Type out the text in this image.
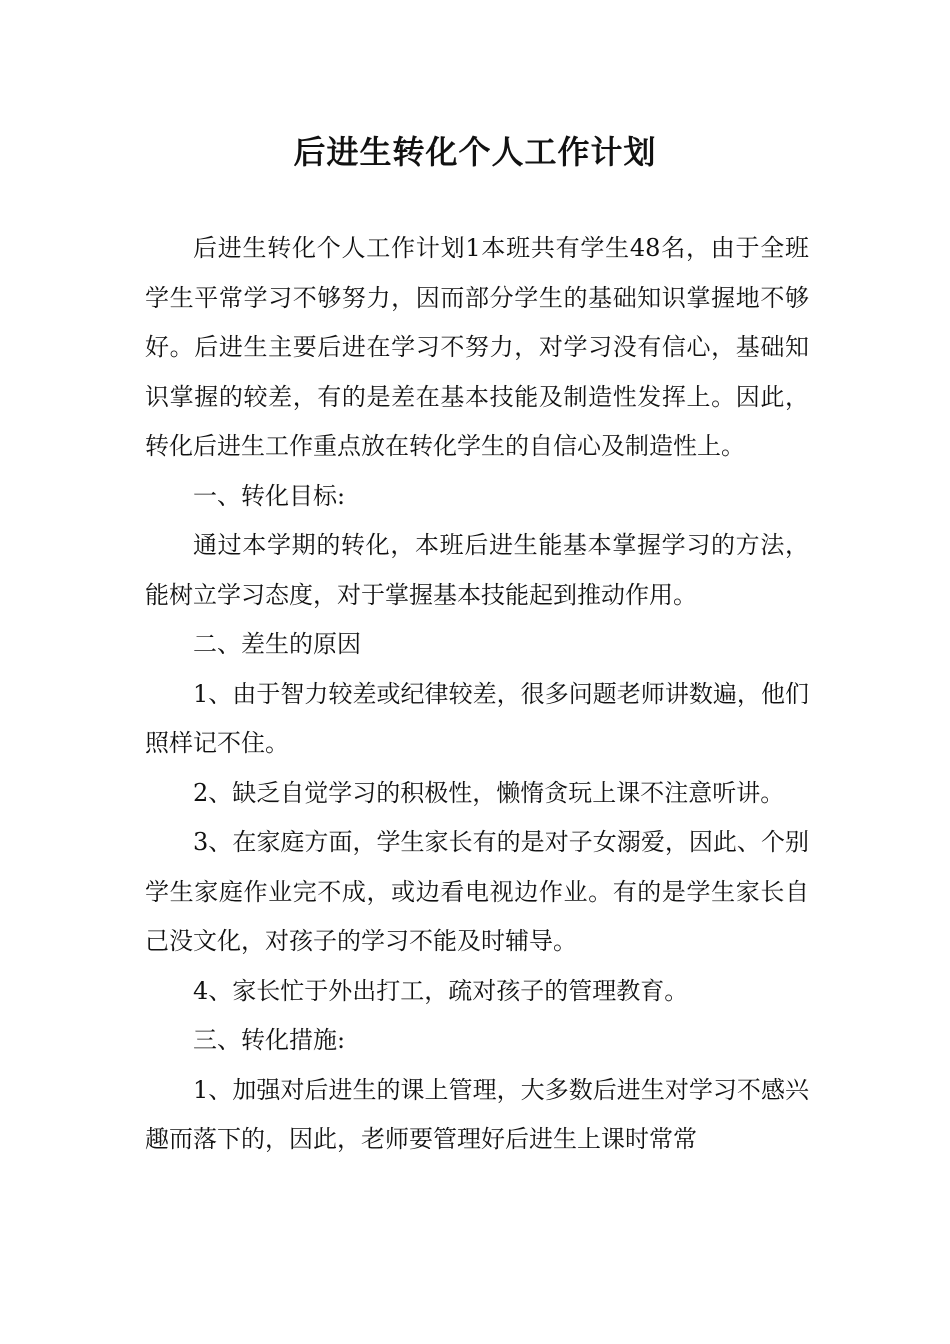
后进生转化个人工作计划

后进生转化个人工作计划1本班共有学生48名，由于全班学生平常学习不够努力，因而部分学生的基础知识掌握地不够好。后进生主要后进在学习不努力，对学习没有信心，基础知识掌握的较差，有的是差在基本技能及制造性发挥上。因此，转化后进生工作重点放在转化学生的自信心及制造性上。

一、转化目标:

通过本学期的转化，本班后进生能基本掌握学习的方法，能树立学习态度，对于掌握基本技能起到推动作用。

二、差生的原因

1、由于智力较差或纪律较差，很多问题老师讲数遍，他们照样记不住。

2、缺乏自觉学习的积极性，懒惰贪玩上课不注意听讲。

3、在家庭方面，学生家长有的是对子女溺爱，因此、个别学生家庭作业完不成，或边看电视边作业。有的是学生家长自己没文化，对孩子的学习不能及时辅导。

4、家长忙于外出打工，疏对孩子的管理教育。

三、转化措施:

1、加强对后进生的课上管理，大多数后进生对学习不感兴趣而落下的，因此，老师要管理好后进生上课时常常
